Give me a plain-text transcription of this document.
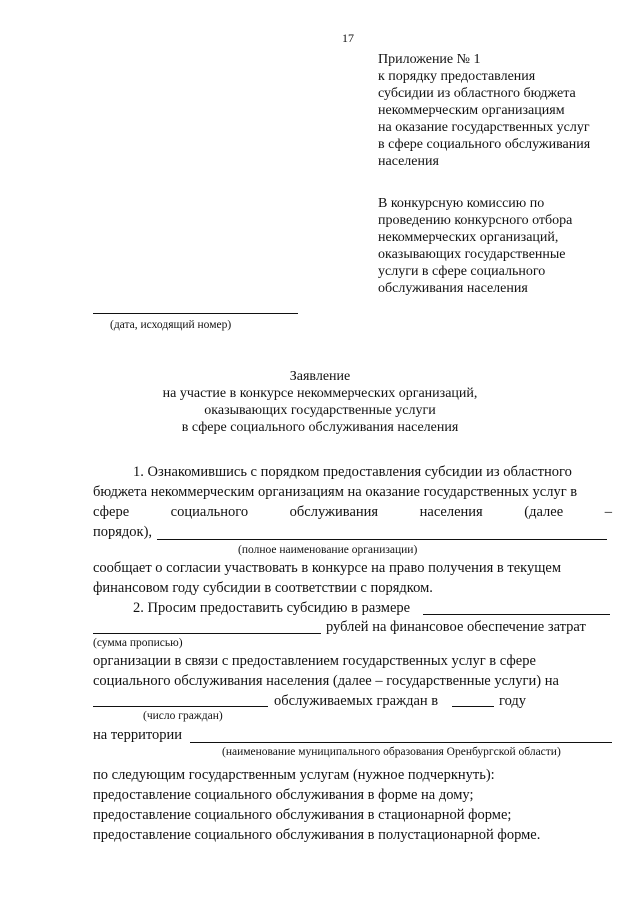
17
Приложение № 1
к порядку предоставления
субсидии из областного бюджета
некоммерческим организациям
на оказание государственных услуг
в сфере социального обслуживания
населения
В конкурсную комиссию по
проведению конкурсного отбора
некоммерческих организаций,
оказывающих государственные
услуги в сфере социального
обслуживания населения
(дата, исходящий номер)
Заявление
на участие в конкурсе некоммерческих организаций,
оказывающих государственные услуги
в сфере социального обслуживания населения
1. Ознакомившись с порядком предоставления субсидии из областного
бюджета некоммерческим организациям на оказание государственных услуг в
сфере	социального	обслуживания	населения	(далее	–
порядок),
(полное наименование организации)
сообщает о согласии участвовать в конкурсе на право получения в текущем
финансовом году субсидии в соответствии с порядком.
2. Просим предоставить субсидию в размере
рублей на финансовое обеспечение затрат
(сумма прописью)
организации в связи с предоставлением государственных услуг в сфере
социального обслуживания населения (далее – государственные услуги) на
обслуживаемых граждан в	году
(число граждан)
на территории
(наименование муниципального образования Оренбургской области)
по следующим государственным услугам (нужное подчеркнуть):
предоставление социального обслуживания в форме на дому;
предоставление социального обслуживания в стационарной форме;
предоставление социального обслуживания в полустационарной форме.
